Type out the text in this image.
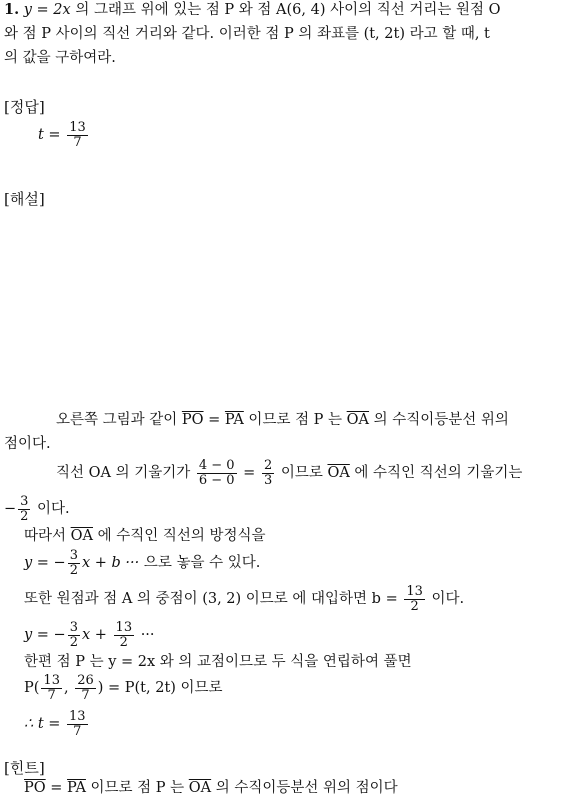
1. y = 2x 의 그래프 위에 있는 점 P 와 점 A(6, 4) 사이의 직선 거리는 원점 O
와 점 P 사이의 직선 거리와 같다. 이러한 점 P 의 좌표를 (t, 2t) 라고 할 때, t
의 값을 구하여라.
[정답]
$t = \frac{13}{7}$
[해설]
오른쪽 그림과 같이 $\overline{PO} = \overline{PA}$ 이므로 점 P 는 $\overline{OA}$ 의 수직이등분선 위의
점이다.
직선 OA 의 기울기가 $\frac{4 - 0}{6 - 0} = \frac{2}{3}$ 이므로 $\overline{OA}$ 에 수직인 직선의 기울기는
− $\frac{3}{2}$ 이다.
따라서 $\overline{OA}$ 에 수직인 직선의 방정식을
y = − $\frac{3}{2}$ x + b ··· 으로 놓을 수 있다.
또한 원점과 점 A 의 중점이 (3, 2) 이므로 에 대입하면 $b = \frac{13}{2}$ 이다.
y = − $\frac{3}{2}$ $x + \frac{13}{2}$ ···
한편 점 P 는 y = 2x 와 의 교점이므로 두 식을 연립하여 풀면
$P( \frac{13}{7}$ , $\frac{26}{7}$ ) = P(t, 2t) 이므로
∴ $t = \frac{13}{7}$
[힌트]
$\overline{PO} = \overline{PA}$ 이므로 점 P 는 $\overline{OA}$ 의 수직이등분선 위의 점이다
